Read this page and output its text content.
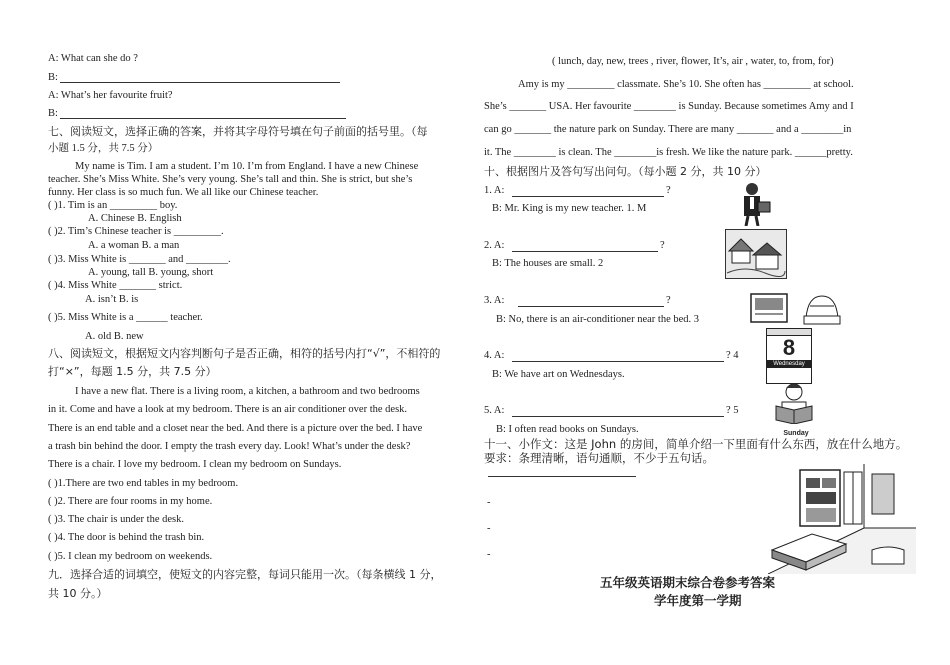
A: What can she do ?
B:
A: What’s her favourite fruit?
B:
七、阅读短文，选择正确的答案，并将其字母符号填在句子前面的括号里。（每
小题 1.5 分，共 7.5 分）
My name is Tim. I am a student. I’m 10. I’m from England. I have a new Chinese
teacher. She’s Miss White. She’s very young. She’s tall and thin. She is strict, but she’s
funny. Her class is so much fun. We all like our Chinese teacher.
( )1. Tim is an _________ boy.
A. Chinese B. English
( )2. Tim’s Chinese teacher is _________.
A. a woman B. a man
( )3. Miss White is _______ and ________.
A. young, tall B. young, short
( )4. Miss White _______ strict.
A. isn’t B. is
( )5. Miss White is a ______ teacher.
A. old B. new
八、阅读短文，根据短文内容判断句子是否正确，相符的括号内打“√”，不相符的
打“×”，每题 1.5 分，共 7.5 分）
I have a new flat. There is a living room, a kitchen, a bathroom and two bedrooms
in it. Come and have a look at my bedroom. There is an air conditioner over the desk.
There is an end table and a closet near the bed. And there is a picture over the bed. I have
a trash bin behind the door. I empty the trash every day. Look! What’s under the desk?
There is a chair. I love my bedroom. I clean my bedroom on Sundays.
( )1.There are two end tables in my bedroom.
( )2. There are four rooms in my home.
( )3. The chair is under the desk.
( )4. The door is behind the trash bin.
( )5. I clean my bedroom on weekends.
九．选择合适的词填空，使短文的内容完整，每词只能用一次。（每条横线 1 分，
共 10 分。）
( lunch, day, new, trees , river, flower, It’s, air , water, to, from, for)
Amy is my _________ classmate. She’s 10. She often has _________ at school.
She’s _______ USA. Her favourite ________ is Sunday. Because sometimes Amy and I
can go _______ the nature park on Sunday. There are many _______ and a ________in
it. The ________ is clean. The ________is fresh. We like the nature park. ______pretty.
十、根据图片及答句写出问句。（每小题 2 分，共 10 分）
1. A:	?
B: Mr. King is my new teacher. 1. M
2. A:	?
B: The houses are small. 2
3. A:	?
B: No, there is an air-conditioner near the bed. 3
4. A:	? 4
B: We have art on Wednesdays.
5. A:	? 5
B: I often read books on Sundays.
8
Wednesday
Sunday
十一、小作文：这是 John 的房间，简单介绍一下里面有什么东西，放在什么地方。
要求：条理清晰，语句通顺，不少于五句话。
-
-
-
五年级英语期末综合卷参考答案
学年度第一学期
